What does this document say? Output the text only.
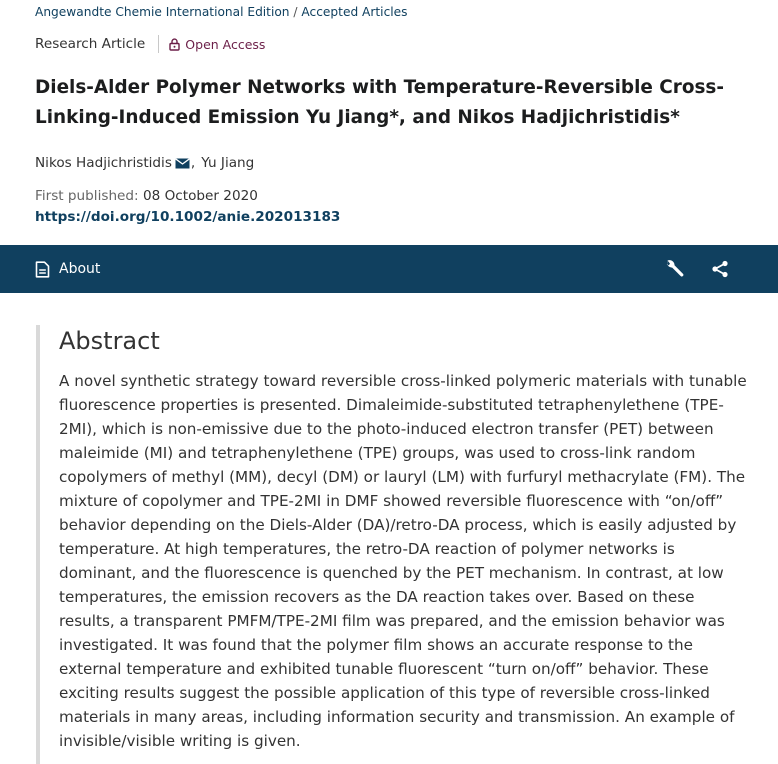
Angewandte Chemie International Edition / Accepted Articles
Research Article	Open Access
Diels-Alder Polymer Networks with Temperature-Reversible Cross-Linking-Induced Emission Yu Jiang*, and Nikos Hadjichristidis*
Nikos Hadjichristidis , Yu Jiang
First published: 08 October 2020
https://doi.org/10.1002/anie.202013183
About
Abstract

A novel synthetic strategy toward reversible cross-linked polymeric materials with tunable fluorescence properties is presented. Dimaleimide-substituted tetraphenylethene (TPE-2MI), which is non-emissive due to the photo-induced electron transfer (PET) between maleimide (MI) and tetraphenylethene (TPE) groups, was used to cross-link random copolymers of methyl (MM), decyl (DM) or lauryl (LM) with furfuryl methacrylate (FM). The mixture of copolymer and TPE-2MI in DMF showed reversible fluorescence with “on/off” behavior depending on the Diels-Alder (DA)/retro-DA process, which is easily adjusted by temperature. At high temperatures, the retro-DA reaction of polymer networks is dominant, and the fluorescence is quenched by the PET mechanism. In contrast, at low temperatures, the emission recovers as the DA reaction takes over. Based on these results, a transparent PMFM/TPE-2MI film was prepared, and the emission behavior was investigated. It was found that the polymer film shows an accurate response to the external temperature and exhibited tunable fluorescent “turn on/off” behavior. These exciting results suggest the possible application of this type of reversible cross-linked materials in many areas, including information security and transmission. An example of invisible/visible writing is given.
